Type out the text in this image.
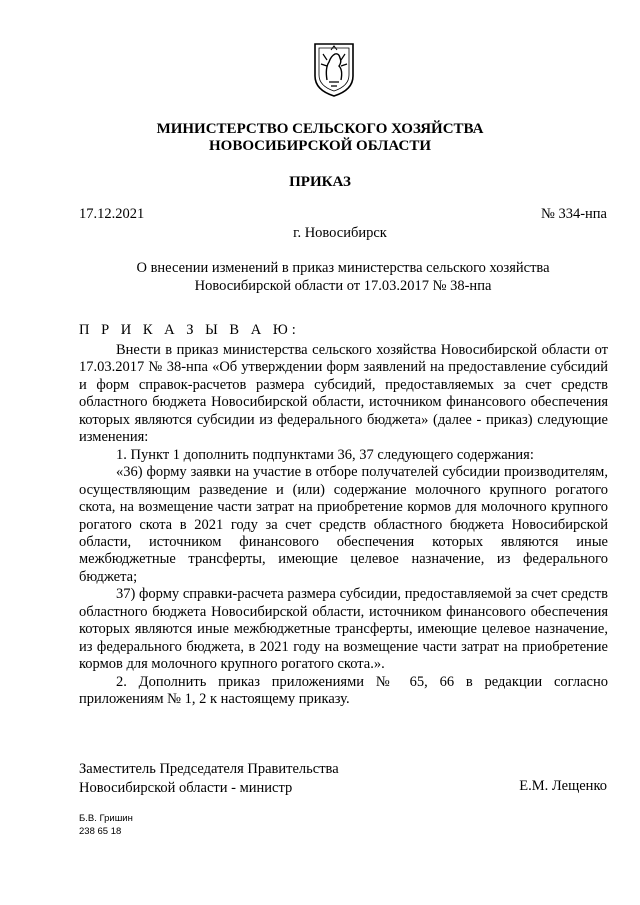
МИНИСТЕРСТВО СЕЛЬСКОГО ХОЗЯЙСТВА
НОВОСИБИРСКОЙ ОБЛАСТИ
ПРИКАЗ
17.12.2021	№ 334-нпа
г. Новосибирск
О внесении изменений в приказ министерства сельского хозяйства
Новосибирской области от 17.03.2017 № 38-нпа
П Р И К А З Ы В А Ю:

Внести в приказ министерства сельского хозяйства Новосибирской области от 17.03.2017 № 38-нпа «Об утверждении форм заявлений на предоставление субсидий и форм справок-расчетов размера субсидий, предоставляемых за счет средств областного бюджета Новосибирской области, источником финансового обеспечения которых являются субсидии из федерального бюджета» (далее - приказ) следующие изменения:

1. Пункт 1 дополнить подпунктами 36, 37 следующего содержания:

«36) форму заявки на участие в отборе получателей субсидии производителям, осуществляющим разведение и (или) содержание молочного крупного рогатого скота, на возмещение части затрат на приобретение кормов для молочного крупного рогатого скота в 2021 году за счет средств областного бюджета Новосибирской области, источником финансового обеспечения которых являются иные межбюджетные трансферты, имеющие целевое назначение, из федерального бюджета;

37) форму справки-расчета размера субсидии, предоставляемой за счет средств областного бюджета Новосибирской области, источником финансового обеспечения которых являются иные межбюджетные трансферты, имеющие целевое назначение, из федерального бюджета, в 2021 году на возмещение части затрат на приобретение кормов для молочного крупного рогатого скота.».

2. Дополнить приказ приложениями № 65, 66 в редакции согласно приложениям № 1, 2 к настоящему приказу.

Заместитель Председателя Правительства
Новосибирской области - министр	Е.М. Лещенко
Б.В. Гришин
238 65 18
